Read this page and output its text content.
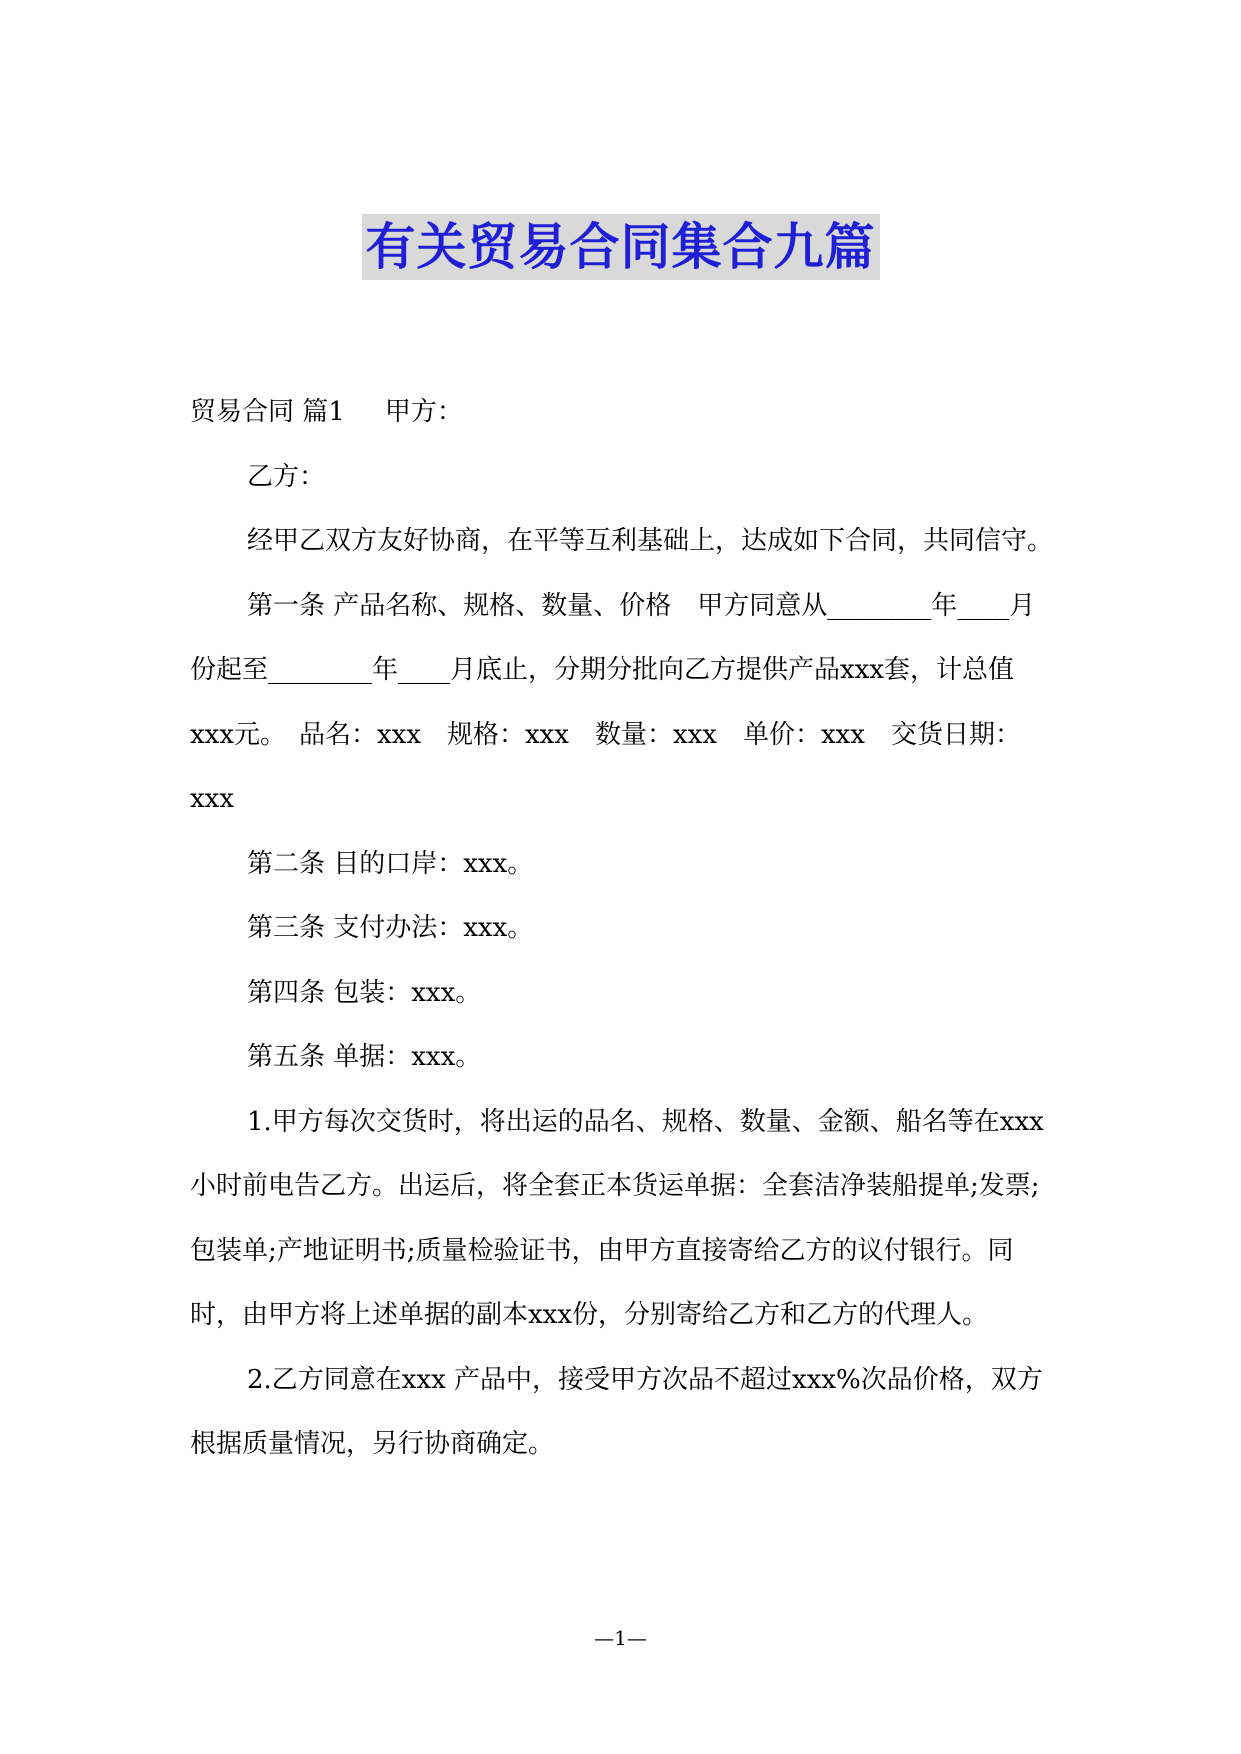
有关贸易合同集合九篇

贸易合同 篇1 甲方：

乙方：

经甲乙双方友好协商，在平等互利基础上，达成如下合同，共同信守。

第一条 产品名称、规格、数量、价格　甲方同意从________年____月份起至________年____月底止，分期分批向乙方提供产品xxx套，计总值xxx元。　品名：xxx　规格：xxx　数量：xxx　单价：xxx　交货日期：xxx

第二条 目的口岸：xxx。

第三条 支付办法：xxx。

第四条 包装：xxx。

第五条 单据：xxx。

1.甲方每次交货时，将出运的品名、规格、数量、金额、船名等在xxx小时前电告乙方。出运后，将全套正本货运单据：全套洁净装船提单;发票;包装单;产地证明书;质量检验证书，由甲方直接寄给乙方的议付银行。同时，由甲方将上述单据的副本xxx份，分别寄给乙方和乙方的代理人。

2.乙方同意在xxx 产品中，接受甲方次品不超过xxx%次品价格，双方根据质量情况，另行协商确定。

—1—
